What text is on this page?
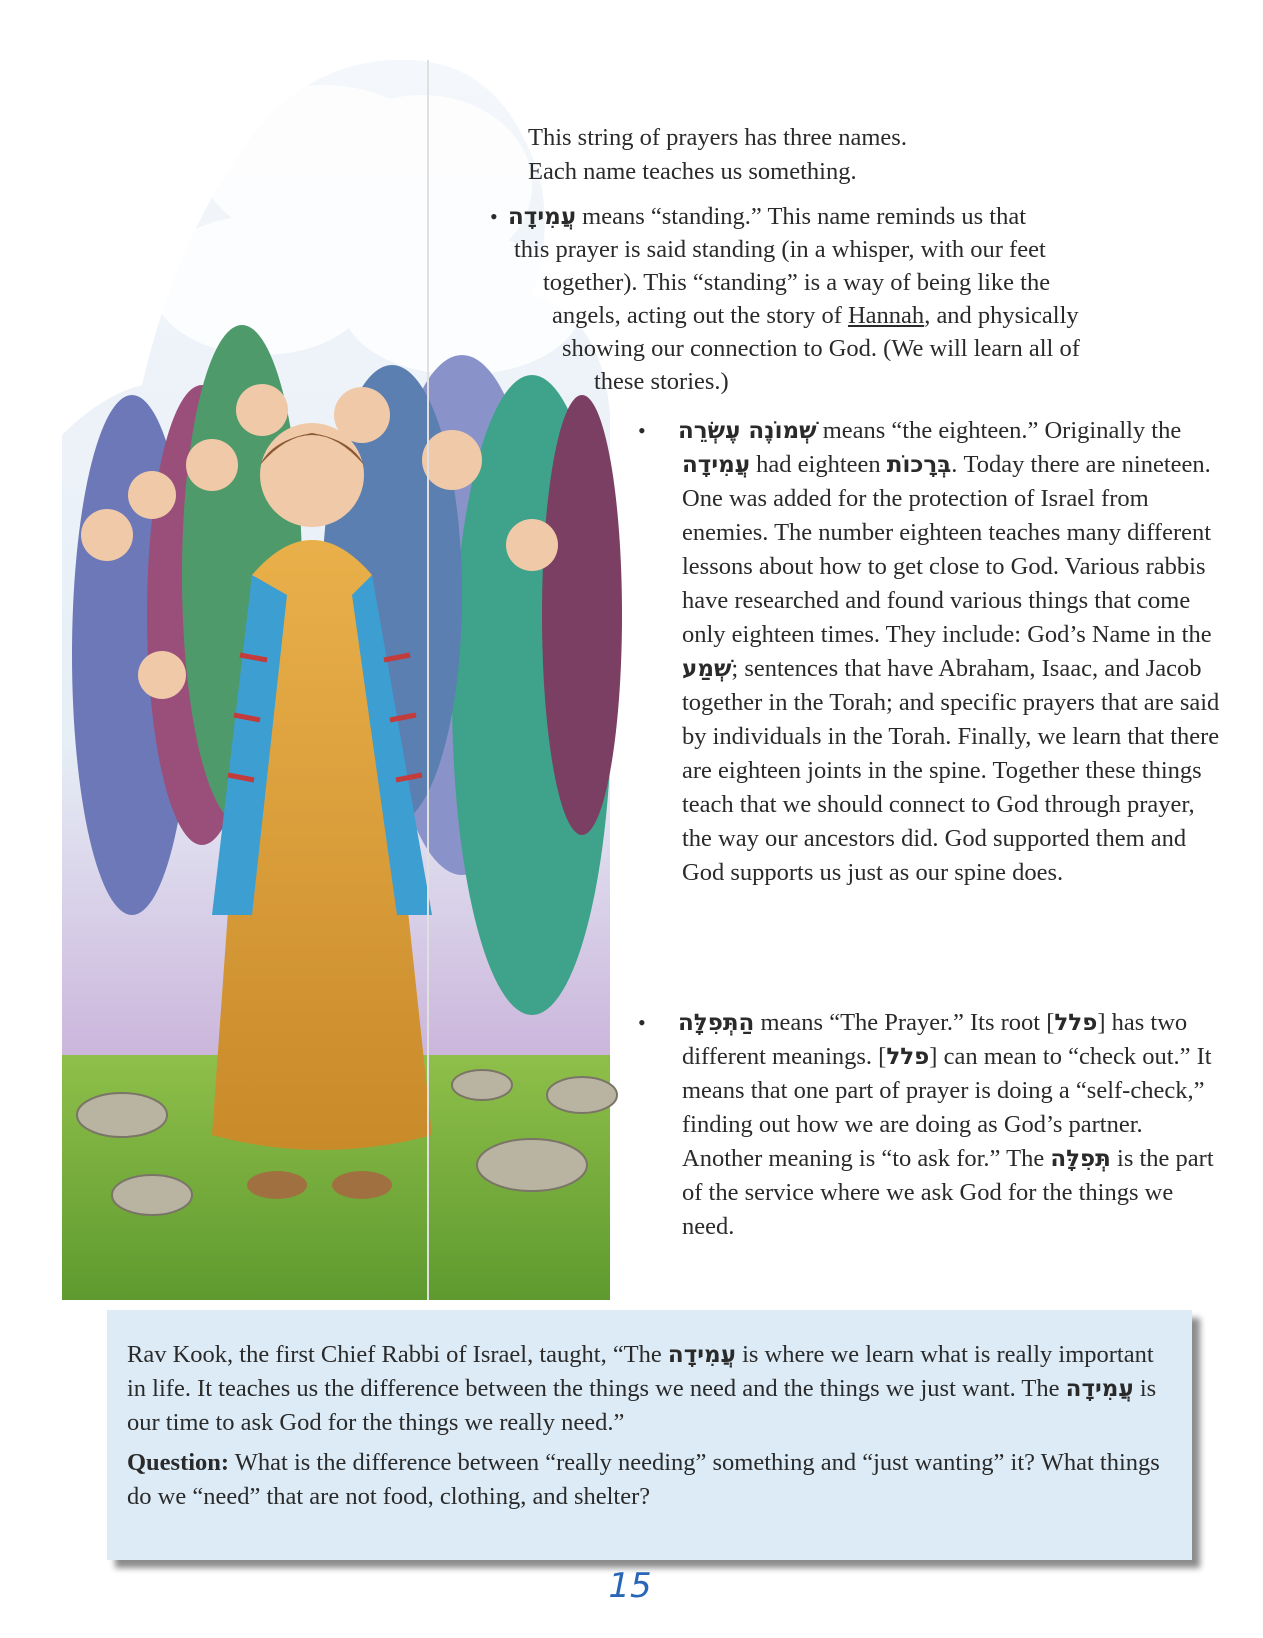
This string of prayers has three names.

Each name teaches us something.

• עֲמִידָה means “standing.” This name reminds us that
this prayer is said standing (in a whisper, with our feet
together). This “standing” is a way of being like the
angels, acting out the story of Hannah, and physically
showing our connection to God. (We will learn all of
these stories.)

• שְׁמוֹנֶה עֶשְׂרֵה means “the eighteen.” Originally the עֲמִידָה had eighteen בְּרָכוֹת. Today there are nineteen. One was added for the protection of Israel from enemies. The number eighteen teaches many different lessons about how to get close to God. Various rabbis have researched and found various things that come only eighteen times. They include: God’s Name in the שְׁמַע; sentences that have Abraham, Isaac, and Jacob together in the Torah; and specific prayers that are said by individuals in the Torah. Finally, we learn that there are eighteen joints in the spine. Together these things teach that we should connect to God through prayer, the way our ancestors did. God supported them and God supports us just as our spine does.

• הַתְּפִלָּה means “The Prayer.” Its root [פלל] has two different meanings. [פלל] can mean to “check out.” It means that one part of prayer is doing a “self-check,” finding out how we are doing as God’s partner. Another meaning is “to ask for.” The תְּפִלָּה is the part of the service where we ask God for the things we need.

Rav Kook, the first Chief Rabbi of Israel, taught, “The עֲמִידָה is where we learn what is really important in life. It teaches us the difference between the things we need and the things we just want. The עֲמִידָה is our time to ask God for the things we really need.”

Question: What is the difference between “really needing” something and “just wanting” it? What things do we “need” that are not food, clothing, and shelter?

15
